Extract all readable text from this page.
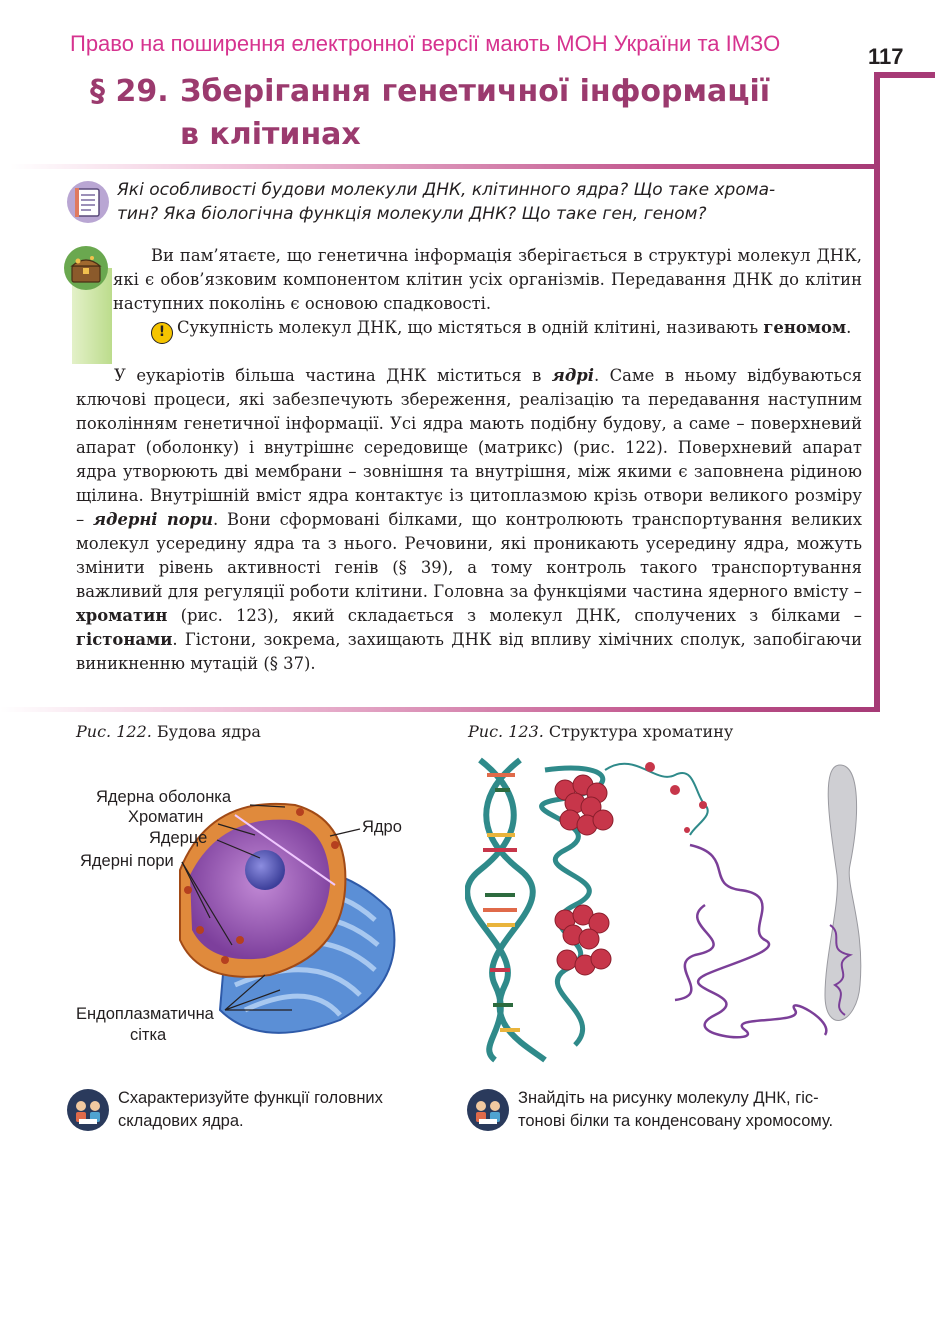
Право на поширення електронної версії мають МОН України та ІМЗО
117
§ 29. Зберігання генетичної інформації
в клітинах
Які особливості будови молекули ДНК, клітинного ядра? Що таке хрома-
тин? Яка біологічна функція молекули ДНК? Що таке ген, геном?

Ви пам’ятаєте, що генетична інформація зберігається в структурі молекул ДНК, які є обов’язковим компонентом клітин усіх організмів. Передавання ДНК до клітин наступних поколінь є основою спадковості.

! Сукупність молекул ДНК, що містяться в одній клітині, називають геномом.

У еукаріотів більша частина ДНК міститься в ядрі. Саме в ньому відбуваються ключові процеси, які забезпечують збереження, реалізацію та передавання наступним поколінням генетичної інформації. Усі ядра мають подібну будову, а саме – поверхневий апарат (оболонку) і внутрішнє середовище (матрикс) (рис. 122). Поверхневий апарат ядра утворюють дві мембрани – зовнішня та внутрішня, між якими є заповнена рідиною щілина. Внутрішній вміст ядра контактує із цитоплазмою крізь отвори великого розміру – ядерні пори. Вони сформовані білками, що контролюють транспортування великих молекул усередину ядра та з нього. Речовини, які проникають усередину ядра, можуть змінити рівень активності генів (§ 39), а тому контроль такого транспортування важливий для регуляції роботи клітини. Головна за функціями частина ядерного вмісту – хроматин (рис. 123), який складається з молекул ДНК, сполучених з білками – гістонами. Гістони, зокрема, захищають ДНК від впливу хімічних сполук, запобігаючи виникненню мутацій (§ 37).

Рис. 122. Будова ядра
Ядерна оболонка
Хроматин
Ядерце
Ядерні пори
Ядро
Ендоплазматична
сітка
Рис. 123. Структура хроматину
Схарактеризуйте функції головних
складових ядра.
Знайдіть на рисунку молекулу ДНК, гіс-
тонові білки та конденсовану хромосому.
